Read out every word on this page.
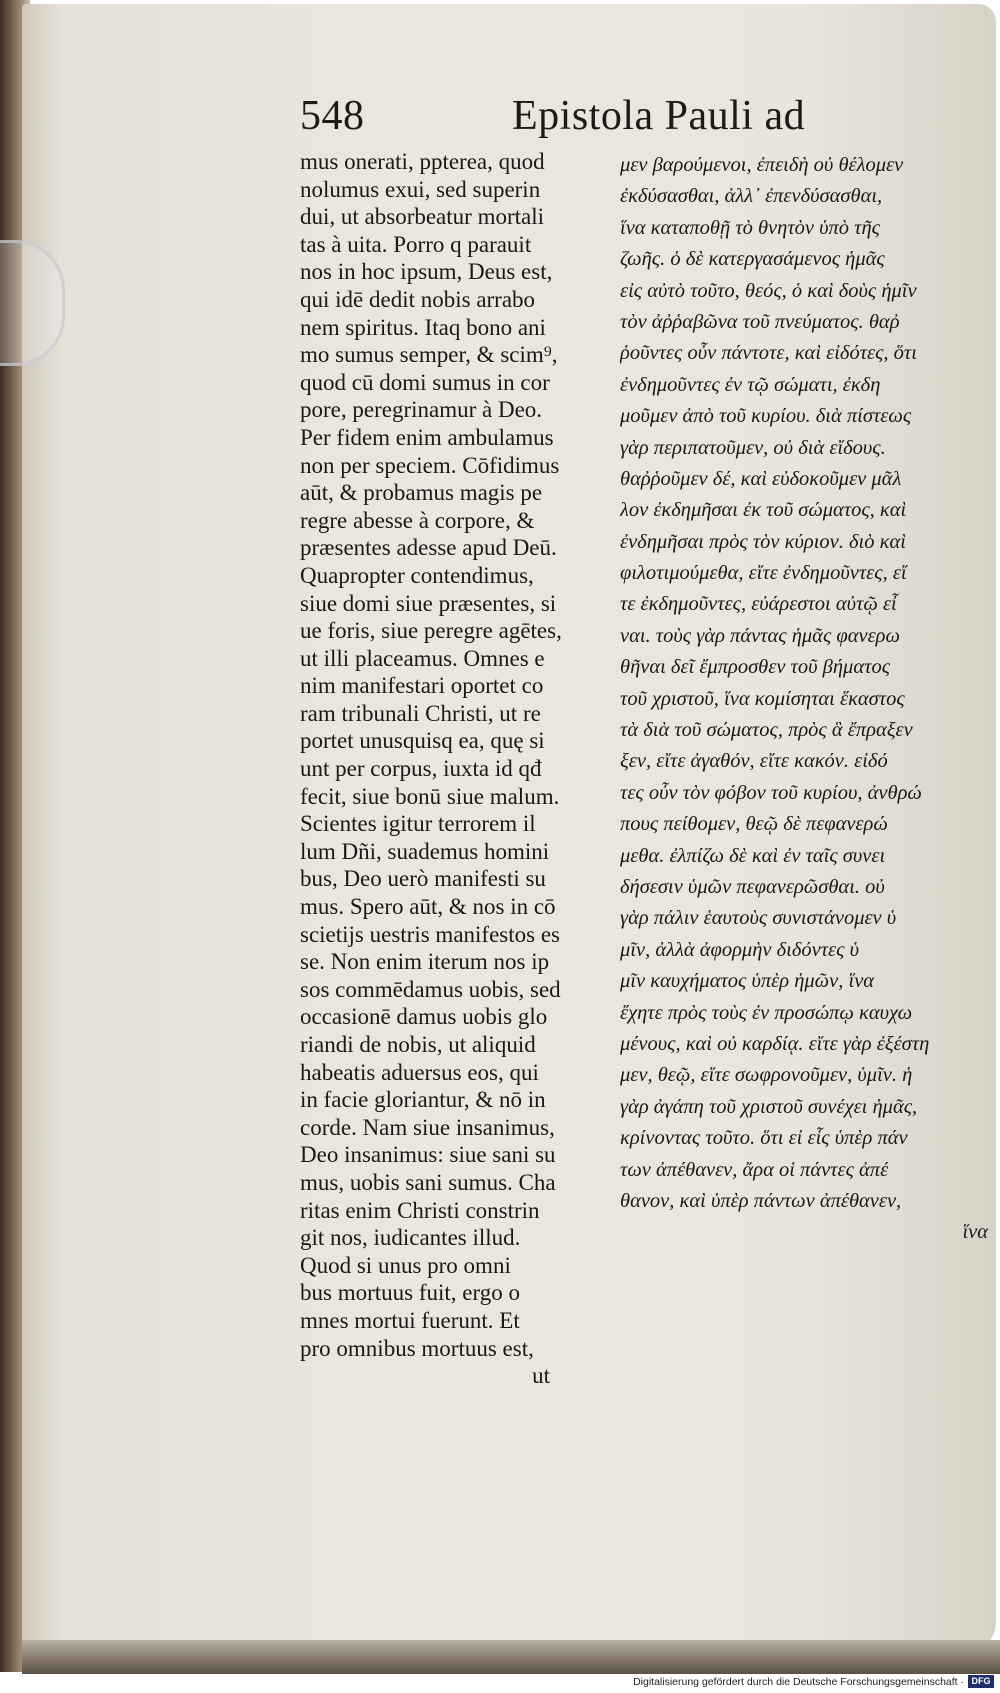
548	Epistola Pauli ad
mus onerati, ppterea, quod
nolumus exui, sed superin
dui, ut absorbeatur mortali
tas à uita. Porro q parauit
nos in hoc ipsum, Deus est,
qui idē dedit nobis arrabo
nem spiritus. Itaq bono ani
mo sumus semper, & scim⁹,
quod cū domi sumus in cor
pore, peregrinamur à Deo.
Per fidem enim ambulamus
non per speciem. Cōfidimus
aūt, & probamus magis pe
regre abesse à corpore, &
præsentes adesse apud Deū.
Quapropter contendimus,
siue domi siue præsentes, si
ue foris, siue peregre agētes,
ut illi placeamus. Omnes e
nim manifestari oportet co
ram tribunali Christi, ut re
portet unusquisq ea, quę si
unt per corpus, iuxta id qđ
fecit, siue bonū siue malum.
Scientes igitur terrorem il
lum Dñi, suademus homini
bus, Deo uerò manifesti su
mus. Spero aūt, & nos in cō
scietijs uestris manifestos es
se. Non enim iterum nos ip
sos commēdamus uobis, sed
occasionē damus uobis glo
riandi de nobis, ut aliquid
habeatis aduersus eos, qui
in facie gloriantur, & nō in
corde. Nam siue insanimus,
Deo insanimus: siue sani su
mus, uobis sani sumus. Cha
ritas enim Christi constrin
git nos, iudicantes illud.
Quod si unus pro omni
bus mortuus fuit, ergo o
mnes mortui fuerunt. Et
pro omnibus mortuus est,
ut
μεν βαρούμενοι, ἐπειδὴ οὐ θέλομεν
ἐκδύσασθαι, ἀλλ᾽ ἐπενδύσασθαι,
ἵνα καταποθῇ τὸ θνητὸν ὑπὸ τῆς
ζωῆς. ὁ δὲ κατεργασάμενος ἡμᾶς
εἰς αὐτὸ τοῦτο, θεός, ὁ καὶ δοὺς ἡμῖν
τὸν ἀῤῥαβῶνα τοῦ πνεύματος. θαῤ
ῥοῦντες οὖν πάντοτε, καὶ εἰδότες, ὅτι
ἐνδημοῦντες ἐν τῷ σώματι, ἐκδη
μοῦμεν ἀπὸ τοῦ κυρίου. διὰ πίστεως
γὰρ περιπατοῦμεν, οὐ διὰ εἴδους.
θαῤῥοῦμεν δέ, καὶ εὐδοκοῦμεν μᾶλ
λον ἐκδημῆσαι ἐκ τοῦ σώματος, καὶ
ἐνδημῆσαι πρὸς τὸν κύριον. διὸ καὶ
φιλοτιμούμεθα, εἴτε ἐνδημοῦντες, εἴ
τε ἐκδημοῦντες, εὐάρεστοι αὐτῷ εἶ
ναι. τοὺς γὰρ πάντας ἡμᾶς φανερω
θῆναι δεῖ ἔμπροσθεν τοῦ βήματος
τοῦ χριστοῦ, ἵνα κομίσηται ἕκαστος
τὰ διὰ τοῦ σώματος, πρὸς ἃ ἔπραξεν
ξεν, εἴτε ἀγαθόν, εἴτε κακόν. εἰδό
τες οὖν τὸν φόβον τοῦ κυρίου, ἀνθρώ
πους πείθομεν, θεῷ δὲ πεφανερώ
μεθα. ἐλπίζω δὲ καὶ ἐν ταῖς συνει
δήσεσιν ὑμῶν πεφανερῶσθαι. οὐ
γὰρ πάλιν ἑαυτοὺς συνιστάνομεν ὑ
μῖν, ἀλλὰ ἀφορμὴν διδόντες ὑ
μῖν καυχήματος ὑπὲρ ἡμῶν, ἵνα
ἔχητε πρὸς τοὺς ἐν προσώπῳ καυχω
μένους, καὶ οὐ καρδίᾳ. εἴτε γὰρ ἐξέστη
μεν, θεῷ, εἴτε σωφρονοῦμεν, ὑμῖν. ἡ
γὰρ ἀγάπη τοῦ χριστοῦ συνέχει ἡμᾶς,
κρίνοντας τοῦτο. ὅτι εἰ εἷς ὑπὲρ πάν
των ἀπέθανεν, ἄρα οἱ πάντες ἀπέ
θανον, καὶ ὑπὲρ πάντων ἀπέθανεν,
ἵνα
Digitalisierung gefördert durch die Deutsche Forschungsgemeinschaft · DFG
